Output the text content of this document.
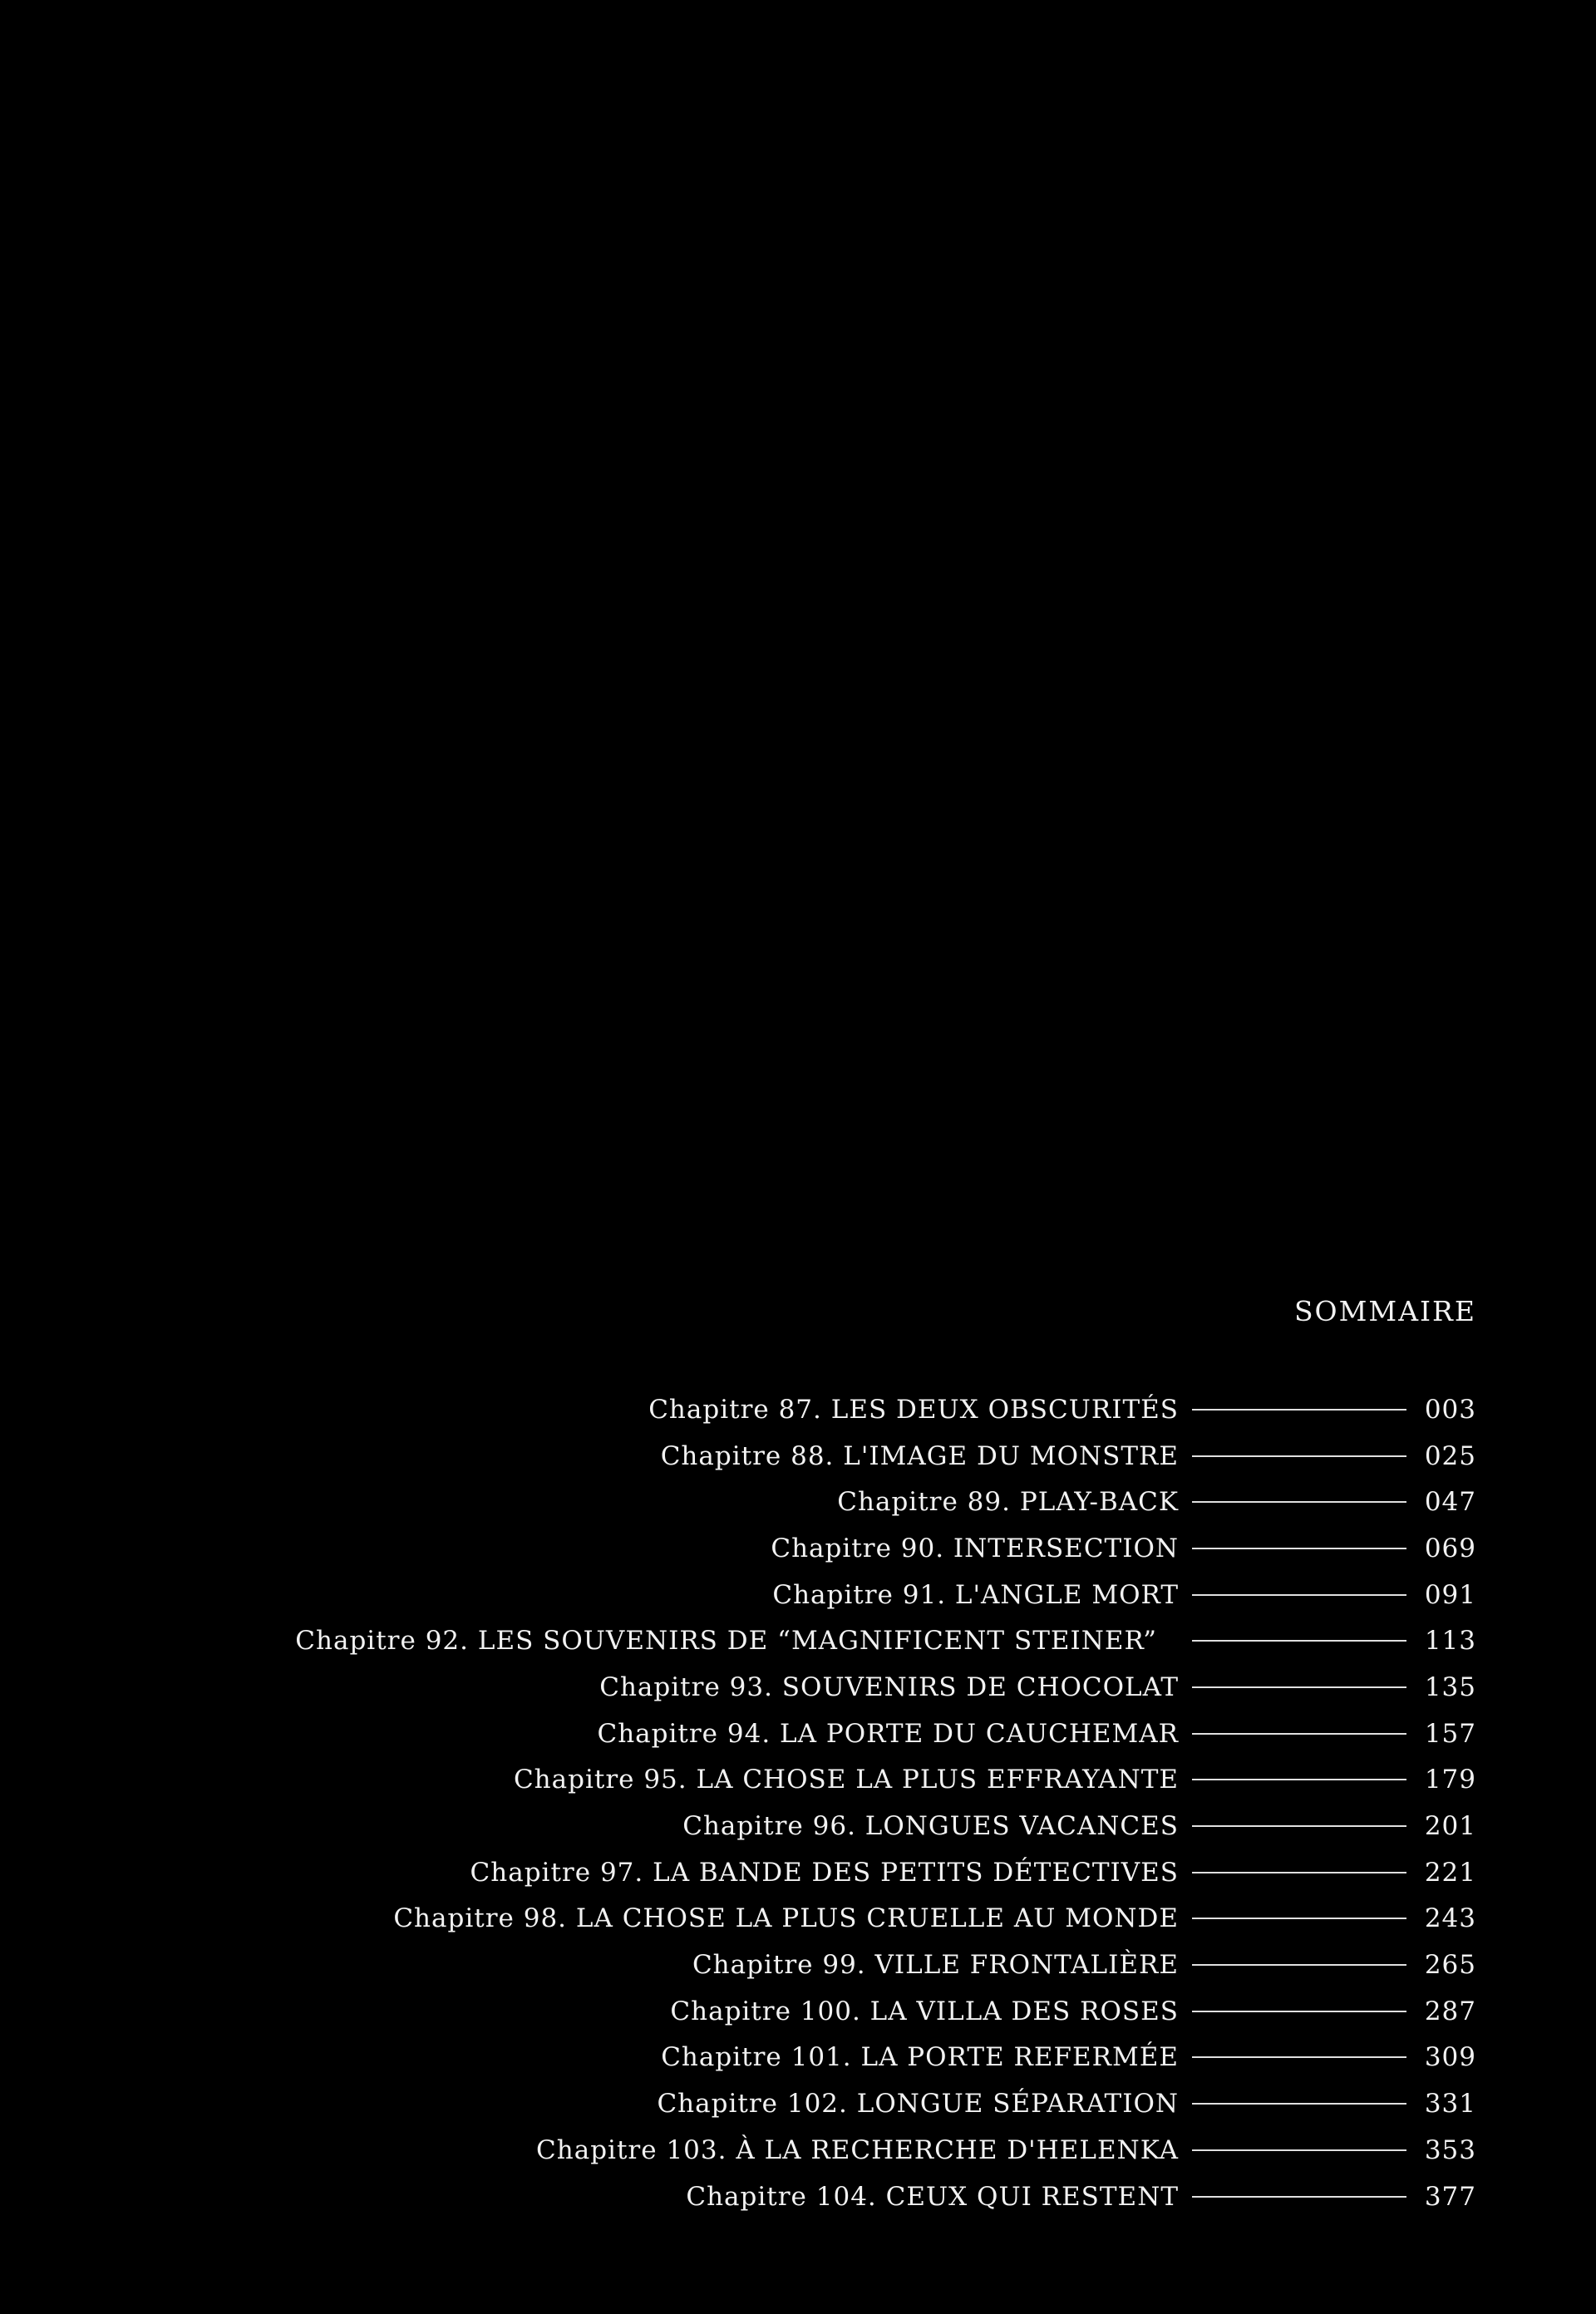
SOMMAIRE
Chapitre 87. LES DEUX OBSCURITÉS	003
Chapitre 88. L'IMAGE DU MONSTRE	025
Chapitre 89. PLAY-BACK	047
Chapitre 90. INTERSECTION	069
Chapitre 91. L'ANGLE MORT	091
Chapitre 92. LES SOUVENIRS DE “MAGNIFICENT STEINER”	113
Chapitre 93. SOUVENIRS DE CHOCOLAT	135
Chapitre 94. LA PORTE DU CAUCHEMAR	157
Chapitre 95. LA CHOSE LA PLUS EFFRAYANTE	179
Chapitre 96. LONGUES VACANCES	201
Chapitre 97. LA BANDE DES PETITS DÉTECTIVES	221
Chapitre 98. LA CHOSE LA PLUS CRUELLE AU MONDE	243
Chapitre 99. VILLE FRONTALIÈRE	265
Chapitre 100. LA VILLA DES ROSES	287
Chapitre 101. LA PORTE REFERMÉE	309
Chapitre 102. LONGUE SÉPARATION	331
Chapitre 103. À LA RECHERCHE D'HELENKA	353
Chapitre 104. CEUX QUI RESTENT	377
